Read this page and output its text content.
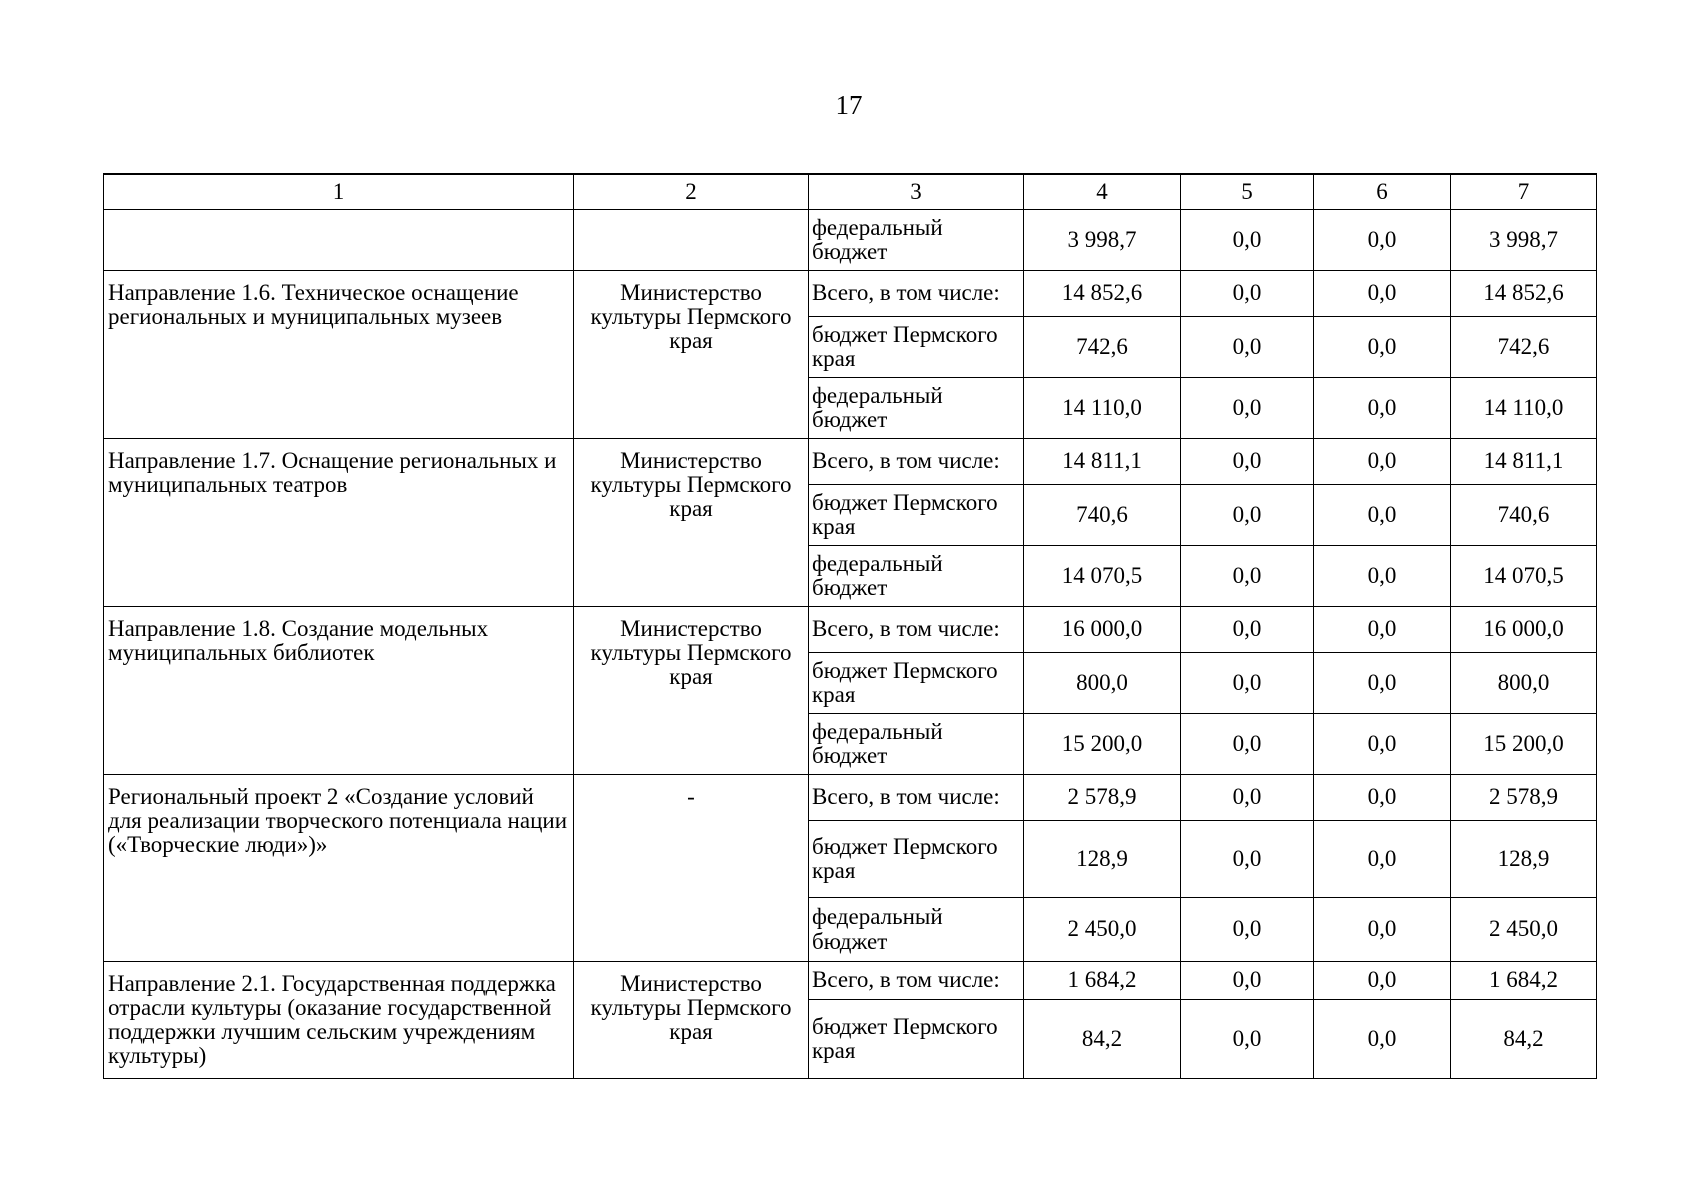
17
1	2	3	4	5	6	7
		федеральный бюджет	3 998,7	0,0	0,0	3 998,7
Направление 1.6. Техническое оснащение региональных и муниципальных музеев	Министерство культуры Пермского края	Всего, в том числе:	14 852,6	0,0	0,0	14 852,6
		бюджет Пермского края	742,6	0,0	0,0	742,6
		федеральный бюджет	14 110,0	0,0	0,0	14 110,0
Направление 1.7. Оснащение региональных и муниципальных театров	Министерство культуры Пермского края	Всего, в том числе:	14 811,1	0,0	0,0	14 811,1
		бюджет Пермского края	740,6	0,0	0,0	740,6
		федеральный бюджет	14 070,5	0,0	0,0	14 070,5
Направление 1.8. Создание модельных муниципальных библиотек	Министерство культуры Пермского края	Всего, в том числе:	16 000,0	0,0	0,0	16 000,0
		бюджет Пермского края	800,0	0,0	0,0	800,0
		федеральный бюджет	15 200,0	0,0	0,0	15 200,0
Региональный проект 2 «Создание условий для реализации творческого потенциала нации («Творческие люди»)»	-	Всего, в том числе:	2 578,9	0,0	0,0	2 578,9
		бюджет Пермского края	128,9	0,0	0,0	128,9
		федеральный бюджет	2 450,0	0,0	0,0	2 450,0
Направление 2.1. Государственная поддержка отрасли культуры (оказание государственной поддержки лучшим сельским учреждениям культуры)	Министерство культуры Пермского края	Всего, в том числе:	1 684,2	0,0	0,0	1 684,2
		бюджет Пермского края	84,2	0,0	0,0	84,2
